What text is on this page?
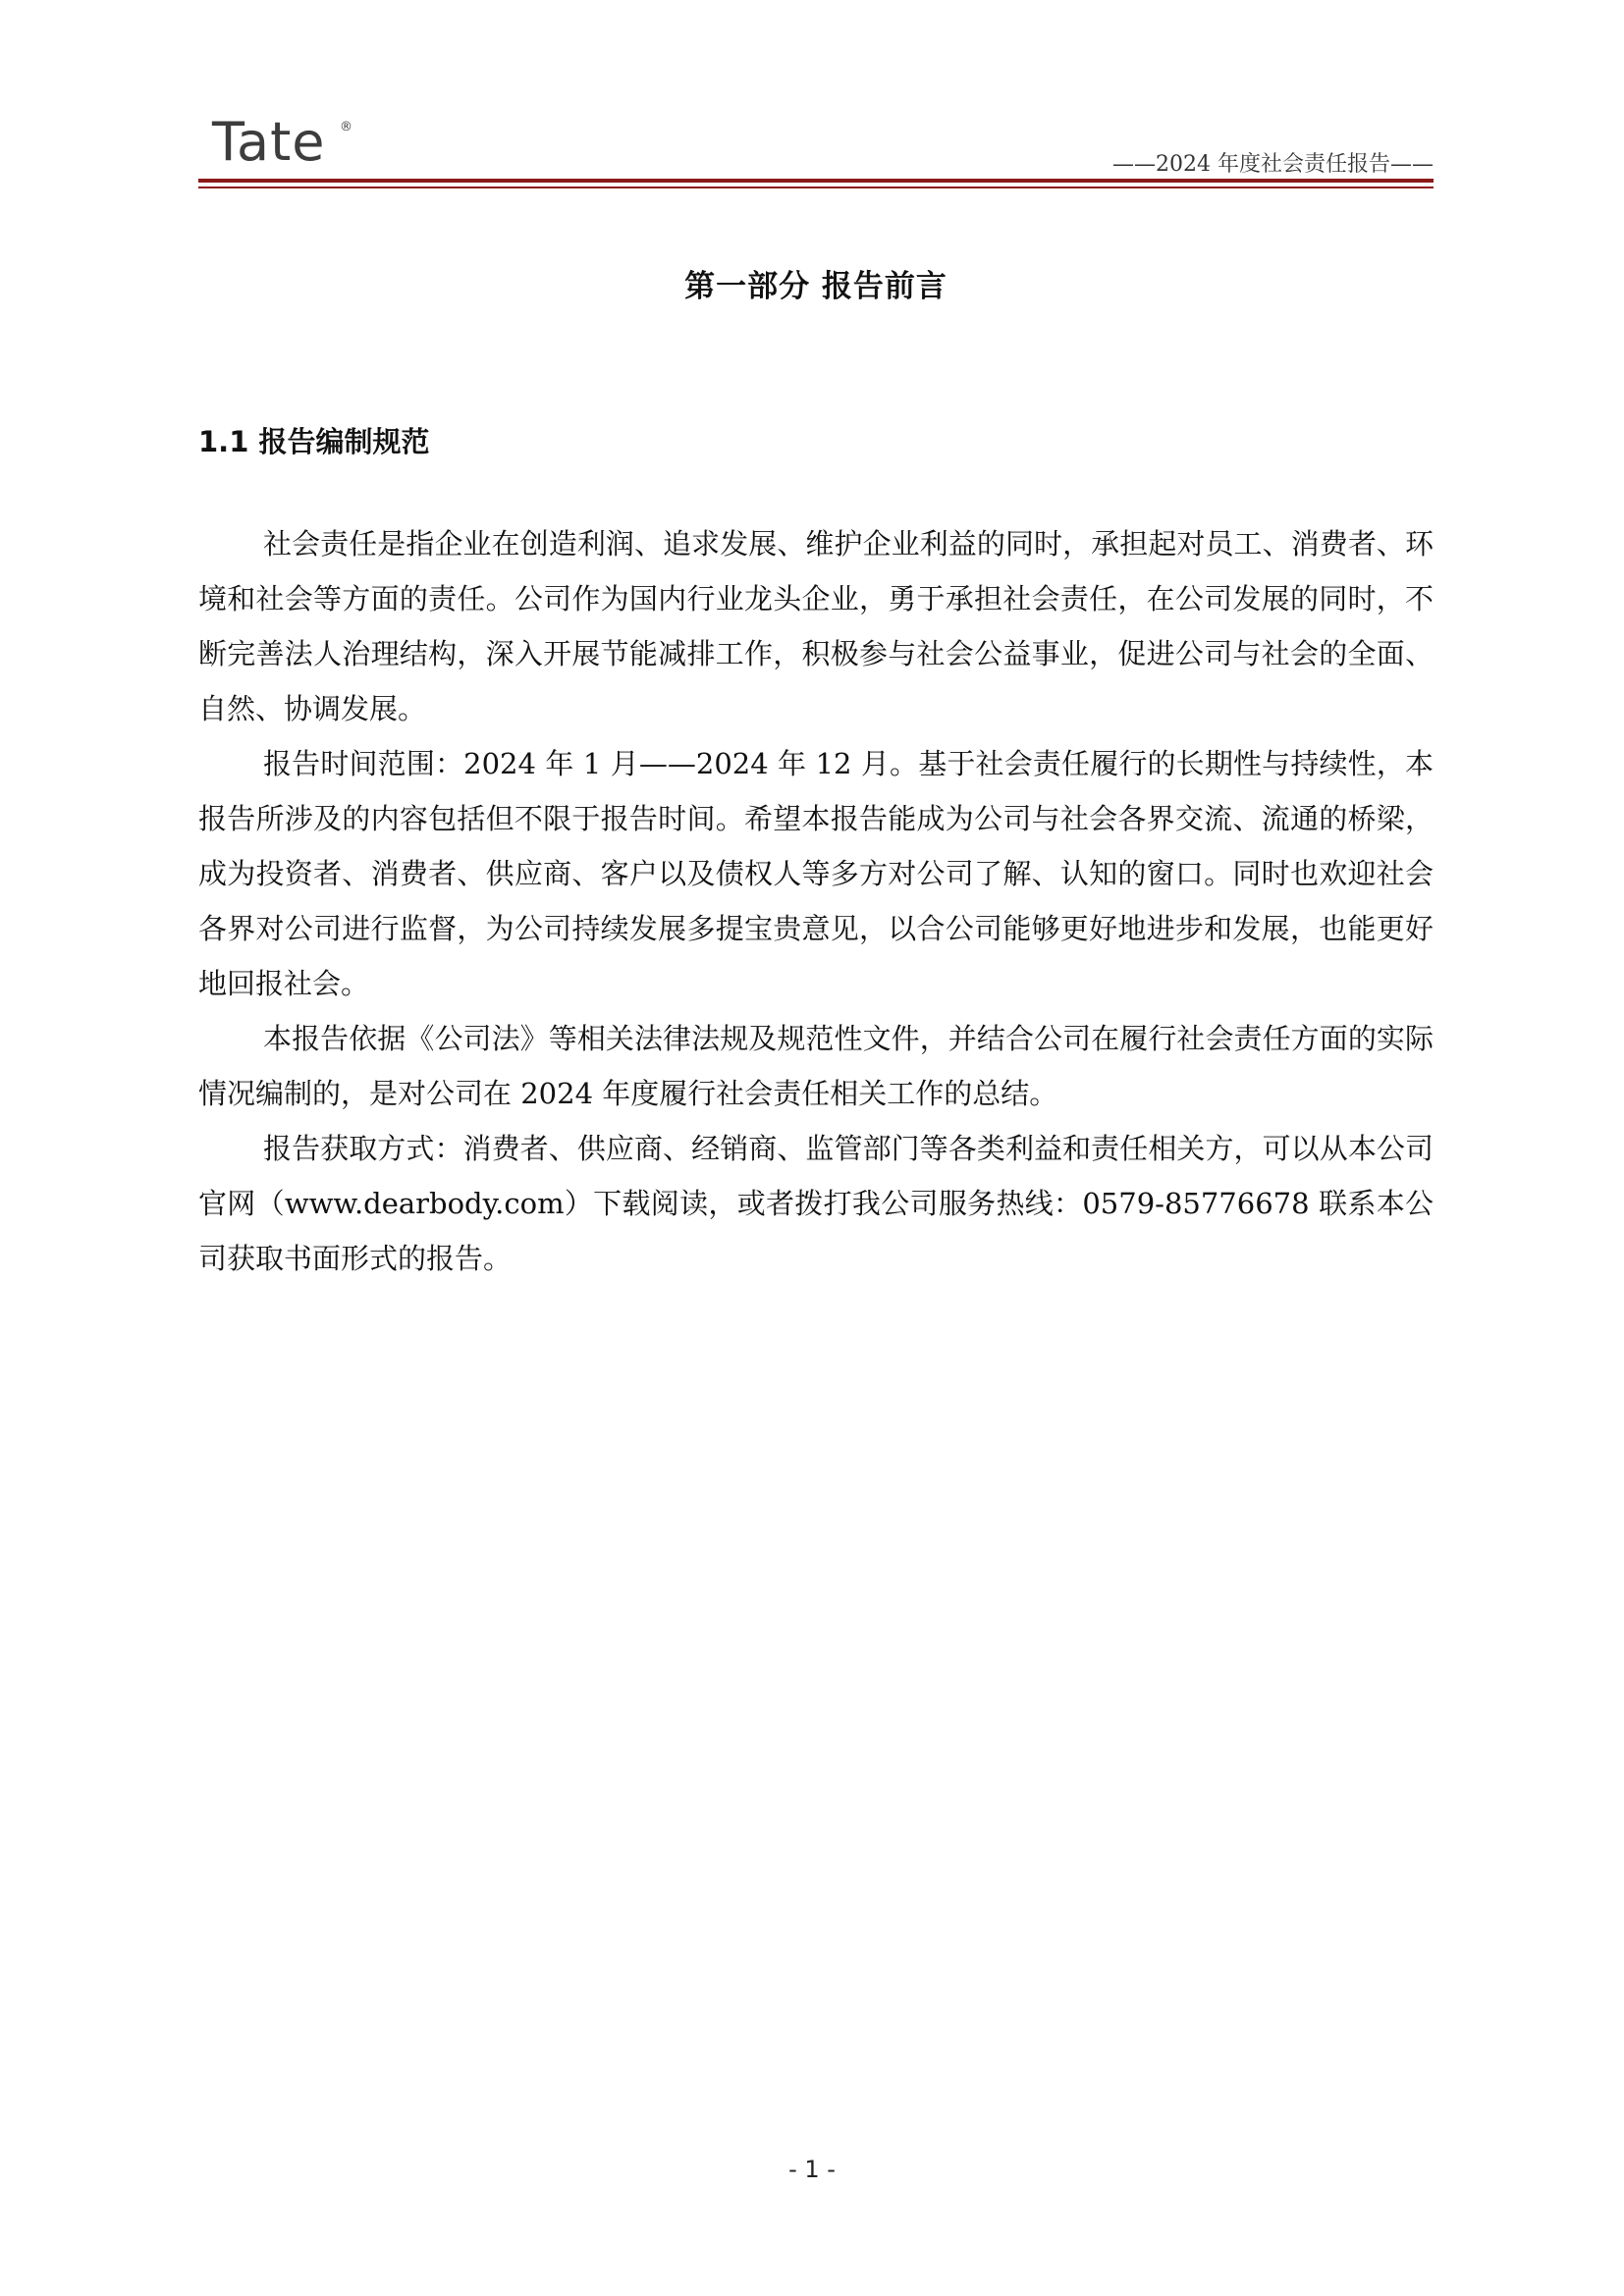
Tate ®
——2024 年度社会责任报告——
第一部分 报告前言
1.1 报告编制规范

社会责任是指企业在创造利润、追求发展、维护企业利益的同时，承担起对员工、消费者、环境和社会等方面的责任。公司作为国内行业龙头企业，勇于承担社会责任，在公司发展的同时，不断完善法人治理结构，深入开展节能减排工作，积极参与社会公益事业，促进公司与社会的全面、自然、协调发展。

报告时间范围：2024 年 1 月——2024 年 12 月。基于社会责任履行的长期性与持续性，本报告所涉及的内容包括但不限于报告时间。希望本报告能成为公司与社会各界交流、流通的桥梁，成为投资者、消费者、供应商、客户以及债权人等多方对公司了解、认知的窗口。同时也欢迎社会各界对公司进行监督，为公司持续发展多提宝贵意见，以合公司能够更好地进步和发展，也能更好地回报社会。

本报告依据《公司法》等相关法律法规及规范性文件，并结合公司在履行社会责任方面的实际情况编制的，是对公司在 2024 年度履行社会责任相关工作的总结。

报告获取方式：消费者、供应商、经销商、监管部门等各类利益和责任相关方，可以从本公司官网（www.dearbody.com）下载阅读，或者拨打我公司服务热线：0579-85776678 联系本公司获取书面形式的报告。

- 1 -
